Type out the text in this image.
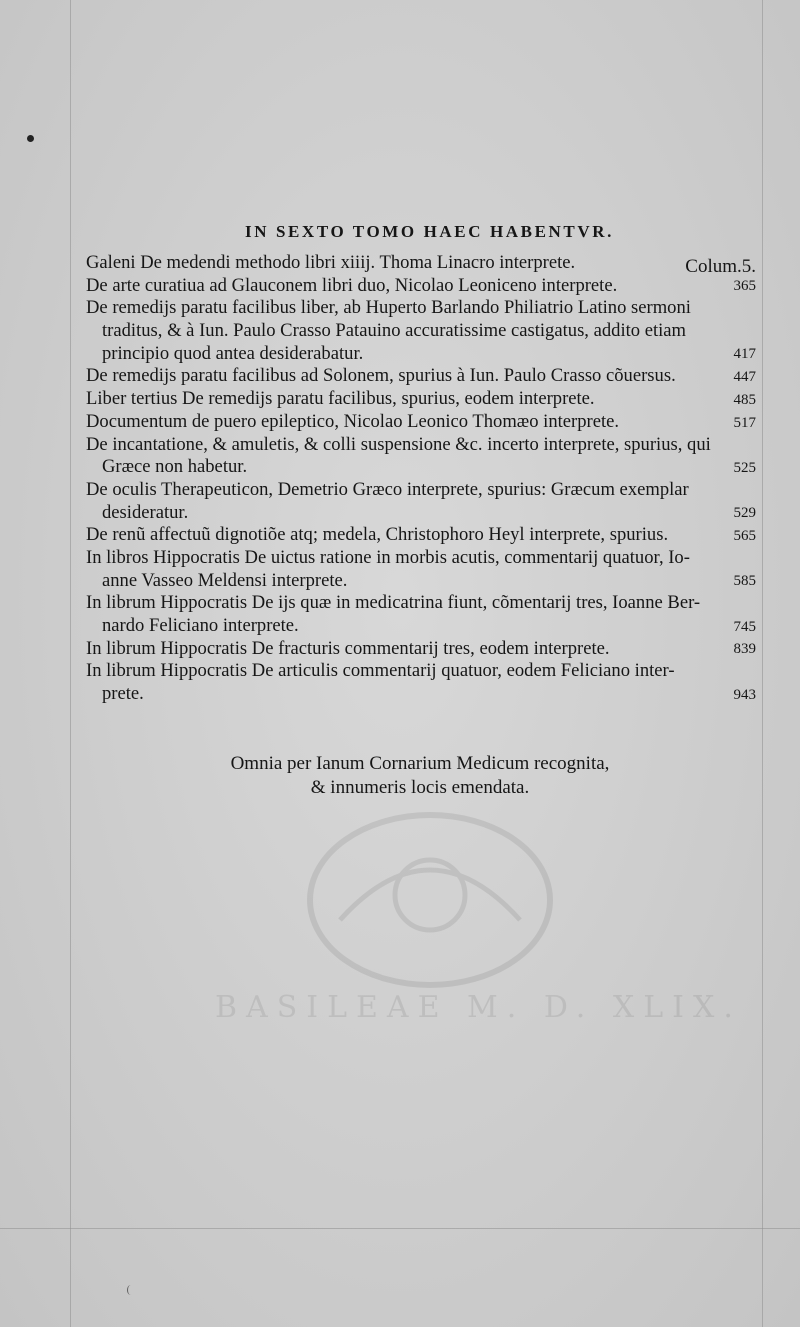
BASILEAE M. D. XLIX.
IN SEXTO TOMO HAEC HABENTVR.
Colum.5.
Galeni De medendi methodo libri xiiij. Thoma Linacro interprete.
De arte curatiua ad Glauconem libri duo, Nicolao Leoniceno interprete.	365
De remedijs paratu facilibus liber, ab Huperto Barlando Philiatrio Latino sermoni
traditus, & à Iun. Paulo Crasso Patauino accuratissime castigatus, addito etiam
principio quod antea desiderabatur.	417
De remedijs paratu facilibus ad Solonem, spurius à Iun. Paulo Crasso cõuersus.	447
Liber tertius De remedijs paratu facilibus, spurius, eodem interprete.	485
Documentum de puero epileptico, Nicolao Leonico Thomæo interprete.	517
De incantatione, & amuletis, & colli suspensione &c. incerto interprete, spurius, qui
Græce non habetur.	525
De oculis Therapeuticon, Demetrio Græco interprete, spurius: Græcum exemplar
desideratur.	529
De renũ affectuũ dignotiõe atq; medela, Christophoro Heyl interprete, spurius.	565
In libros Hippocratis De uictus ratione in morbis acutis, commentarij quatuor, Io-
anne Vasseo Meldensi interprete.	585
In librum Hippocratis De ijs quæ in medicatrina fiunt, cõmentarij tres, Ioanne Ber-
nardo Feliciano interprete.	745
In librum Hippocratis De fracturis commentarij tres, eodem interprete.	839
In librum Hippocratis De articulis commentarij quatuor, eodem Feliciano inter-
prete.	943
Omnia per Ianum Cornarium Medicum recognita,
& innumeris locis emendata.
